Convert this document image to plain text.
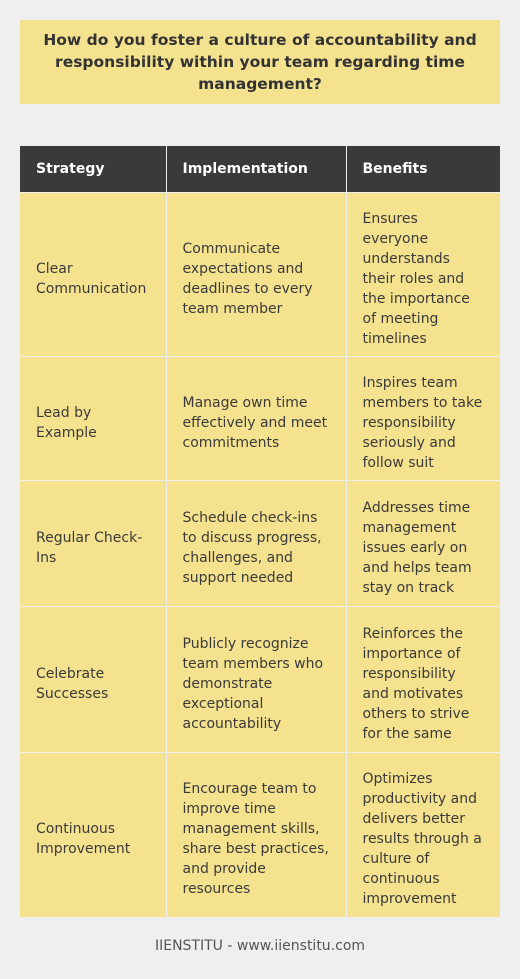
How do you foster a culture of accountability and responsibility within your team regarding time management?
Strategy	Implementation	Benefits
Clear Communication	Communicate expectations and deadlines to every team member	Ensures everyone understands their roles and the importance of meeting timelines
Lead by Example	Manage own time effectively and meet commitments	Inspires team members to take responsibility seriously and follow suit
Regular Check-Ins	Schedule check-ins to discuss progress, challenges, and support needed	Addresses time management issues early on and helps team stay on track
Celebrate Successes	Publicly recognize team members who demonstrate exceptional accountability	Reinforces the importance of responsibility and motivates others to strive for the same
Continuous Improvement	Encourage team to improve time management skills, share best practices, and provide resources	Optimizes productivity and delivers better results through a culture of continuous improvement
IIENSTITU - www.iienstitu.com
